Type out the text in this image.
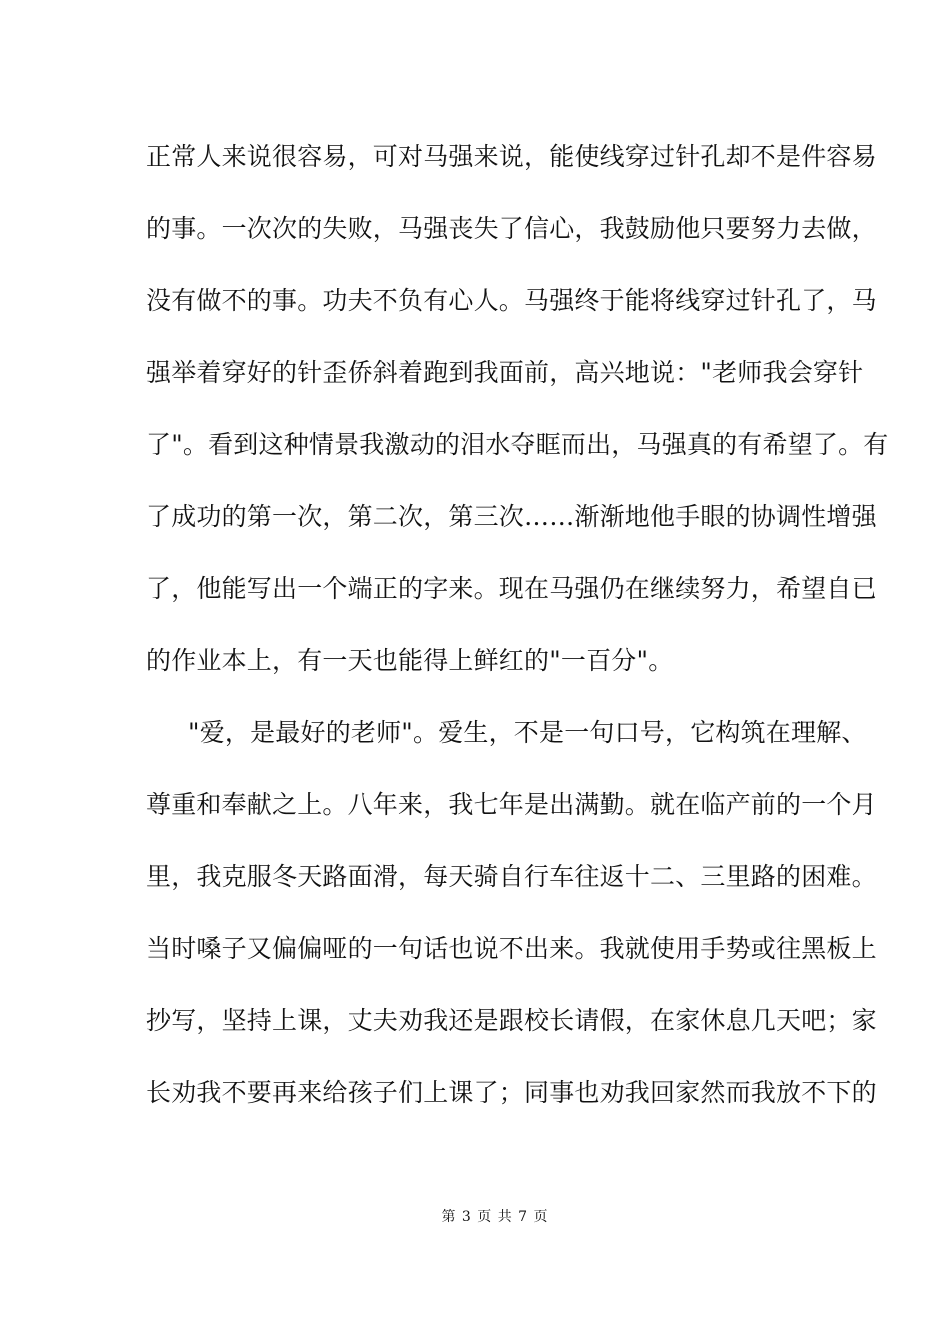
正常人来说很容易，可对马强来说，能使线穿过针孔却不是件容易
的事。一次次的失败，马强丧失了信心，我鼓励他只要努力去做，
没有做不的事。功夫不负有心人。马强终于能将线穿过针孔了，马
强举着穿好的针歪侨斜着跑到我面前，高兴地说："老师我会穿针
了"。看到这种情景我激动的泪水夺眶而出，马强真的有希望了。有
了成功的第一次，第二次，第三次……渐渐地他手眼的协调性增强
了，他能写出一个端正的字来。现在马强仍在继续努力，希望自已
的作业本上，有一天也能得上鲜红的"一百分"。
"爱，是最好的老师"。爱生，不是一句口号，它构筑在理解、
尊重和奉献之上。八年来，我七年是出满勤。就在临产前的一个月
里，我克服冬天路面滑，每天骑自行车往返十二、三里路的困难。
当时嗓子又偏偏哑的一句话也说不出来。我就使用手势或往黑板上
抄写，坚持上课，丈夫劝我还是跟校长请假，在家休息几天吧；家
长劝我不要再来给孩子们上课了；同事也劝我回家然而我放不下的
第 3 页 共 7 页
